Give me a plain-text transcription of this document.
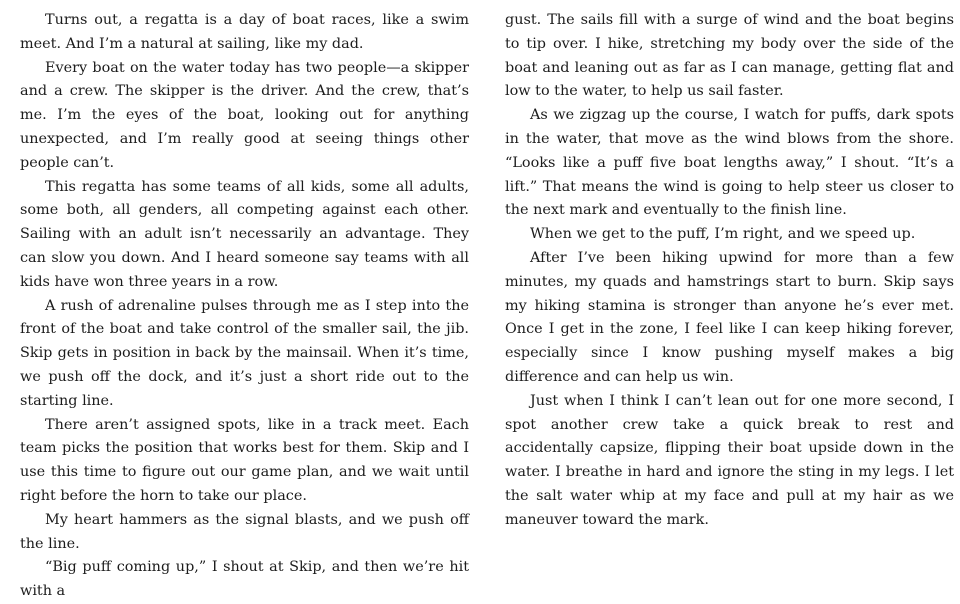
Turns out, a regatta is a day of boat races, like a swim meet. And I’m a natural at sailing, like my dad.

Every boat on the water today has two people—a skipper and a crew. The skipper is the driver. And the crew, that’s me. I’m the eyes of the boat, looking out for anything unexpected, and I’m really good at seeing things other people can’t.

This regatta has some teams of all kids, some all adults, some both, all genders, all competing against each other. Sailing with an adult isn’t necessarily an advantage. They can slow you down. And I heard someone say teams with all kids have won three years in a row.

A rush of adrenaline pulses through me as I step into the front of the boat and take control of the smaller sail, the jib. Skip gets in position in back by the mainsail. When it’s time, we push off the dock, and it’s just a short ride out to the starting line.

There aren’t assigned spots, like in a track meet. Each team picks the position that works best for them. Skip and I use this time to figure out our game plan, and we wait until right before the horn to take our place.

My heart hammers as the signal blasts, and we push off the line.

“Big puff coming up,” I shout at Skip, and then we’re hit with a

gust. The sails fill with a surge of wind and the boat begins to tip over. I hike, stretching my body over the side of the boat and leaning out as far as I can manage, getting flat and low to the water, to help us sail faster.

As we zigzag up the course, I watch for puffs, dark spots in the water, that move as the wind blows from the shore. “Looks like a puff five boat lengths away,” I shout. “It’s a lift.” That means the wind is going to help steer us closer to the next mark and eventually to the finish line.

When we get to the puff, I’m right, and we speed up.

After I’ve been hiking upwind for more than a few minutes, my quads and hamstrings start to burn. Skip says my hiking stamina is stronger than anyone he’s ever met. Once I get in the zone, I feel like I can keep hiking forever, especially since I know pushing myself makes a big difference and can help us win.

Just when I think I can’t lean out for one more second, I spot another crew take a quick break to rest and accidentally capsize, flipping their boat upside down in the water. I breathe in hard and ignore the sting in my legs. I let the salt water whip at my face and pull at my hair as we maneuver toward the mark.
